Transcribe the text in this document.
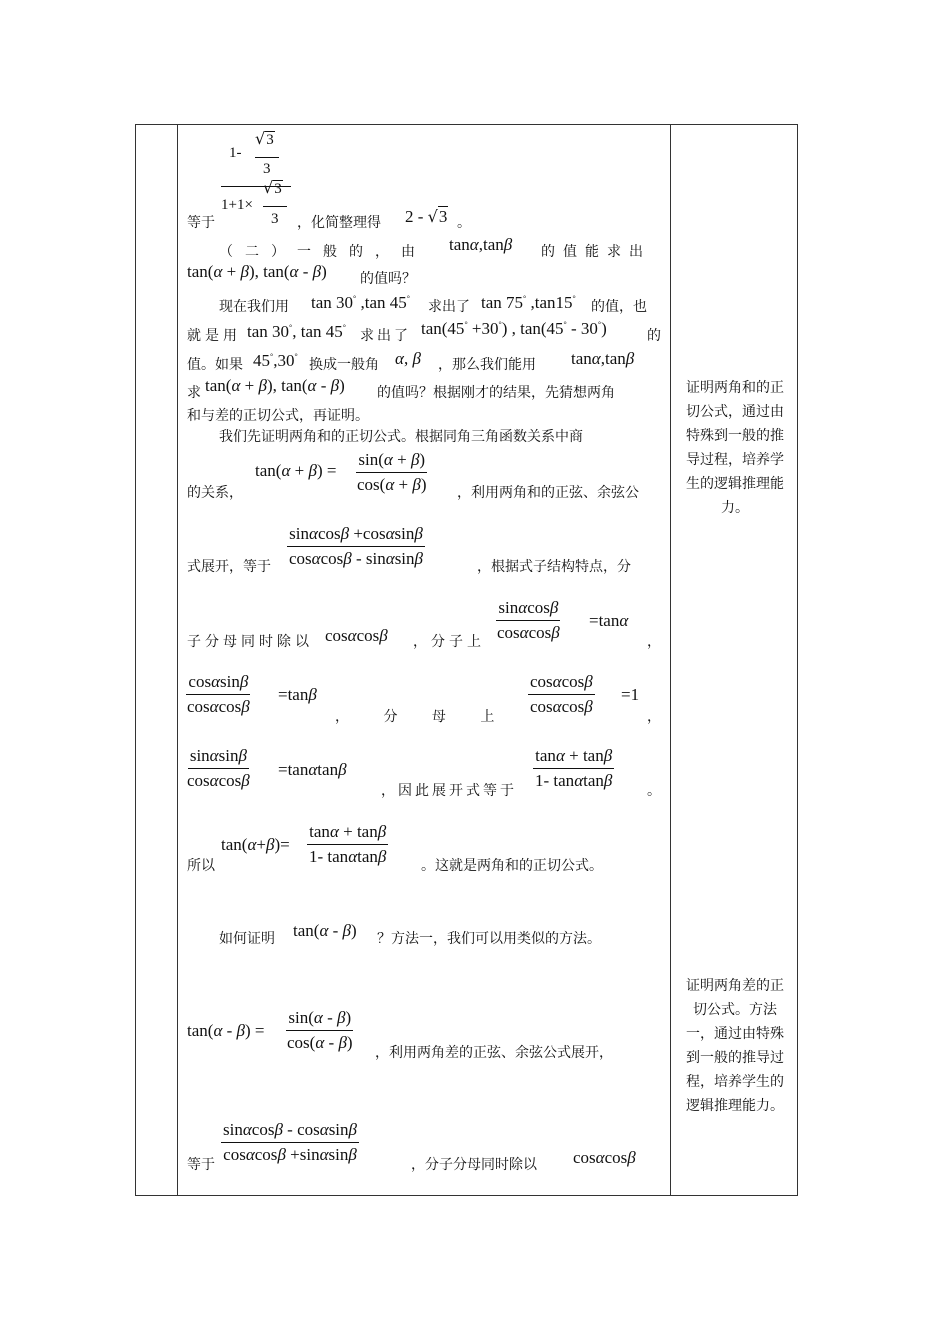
1-
√3
3
1+1×
√3
3
等于	，化简整理得 2 - √3 。
（二）一般的，由 tanα,tanβ 的值能求出
tan(α + β), tan(α - β) 的值吗？
现在我们用 tan 30° ,tan 45°
求出了 tan 75° ,tan15°
的值，也
就是用 tan 30°, tan 45°
求出了 tan(45° +30°) , tan(45° - 30°)	的
值。如果 45°,30°
换成一般角 α, β ，那么我们能用 tanα,tanβ
求 tan(α + β), tan(α - β) 的值吗？根据刚才的结果，先猜想两角
和与差的正切公式，再证明。
我们先证明两角和的正切公式。根据同角三角函数关系中商
$\tan(\alpha + \beta) = \frac{\sin(\alpha + \beta)}{\cos(\alpha + \beta)}$
的关系，	，利用两角和的正弦、余弦公
$\frac{\sin\alpha\cos\beta +\cos\alpha\sin\beta}{\cos\alpha\cos\beta - \sin\alpha\sin\beta}$
式展开，等于	，根据式子结构特点，分
$\frac{\sin\alpha\cos\beta}{\cos\alpha\cos\beta} =\tan\alpha$
子分母同时除以 cosαcosβ ，分子上	，
$\frac{\cos\alpha\sin\beta}{\cos\alpha\cos\beta} =\tan\beta$
， 分 母 上 $\frac{\cos\alpha\cos\beta}{\cos\alpha\cos\beta} =1$
，
$\frac{\sin\alpha\sin\beta}{\cos\alpha\cos\beta} =\tan\alpha\tan\beta$
，因此展开式等于 $\frac{\tan\alpha + \tan\beta}{1- \tan\alpha\tan\beta}$ 。
$\tan(\alpha+\beta)= \frac{\tan\alpha + \tan\beta}{1- \tan\alpha\tan\beta}$
所以	。这就是两角和的正切公式。
如何证明 tan(α - β) ？方法一，我们可以用类似的方法。
$\tan(\alpha - \beta) = \frac{\sin(\alpha - \beta)}{\cos(\alpha - \beta)}$ ，利用两角差的正弦、余弦公式展开，
$\frac{\sin\alpha\cos\beta - \cos\alpha\sin\beta}{\cos\alpha\cos\beta +\sin\alpha\sin\beta}$
等于	，分子分母同时除以 cosαcosβ
证明两角和的正切公式，通过由特殊到一般的推导过程，培养学生的逻辑推理能力。
证明两角差的正切公式。方法一，通过由特殊到一般的推导过程，培养学生的逻辑推理能力。
